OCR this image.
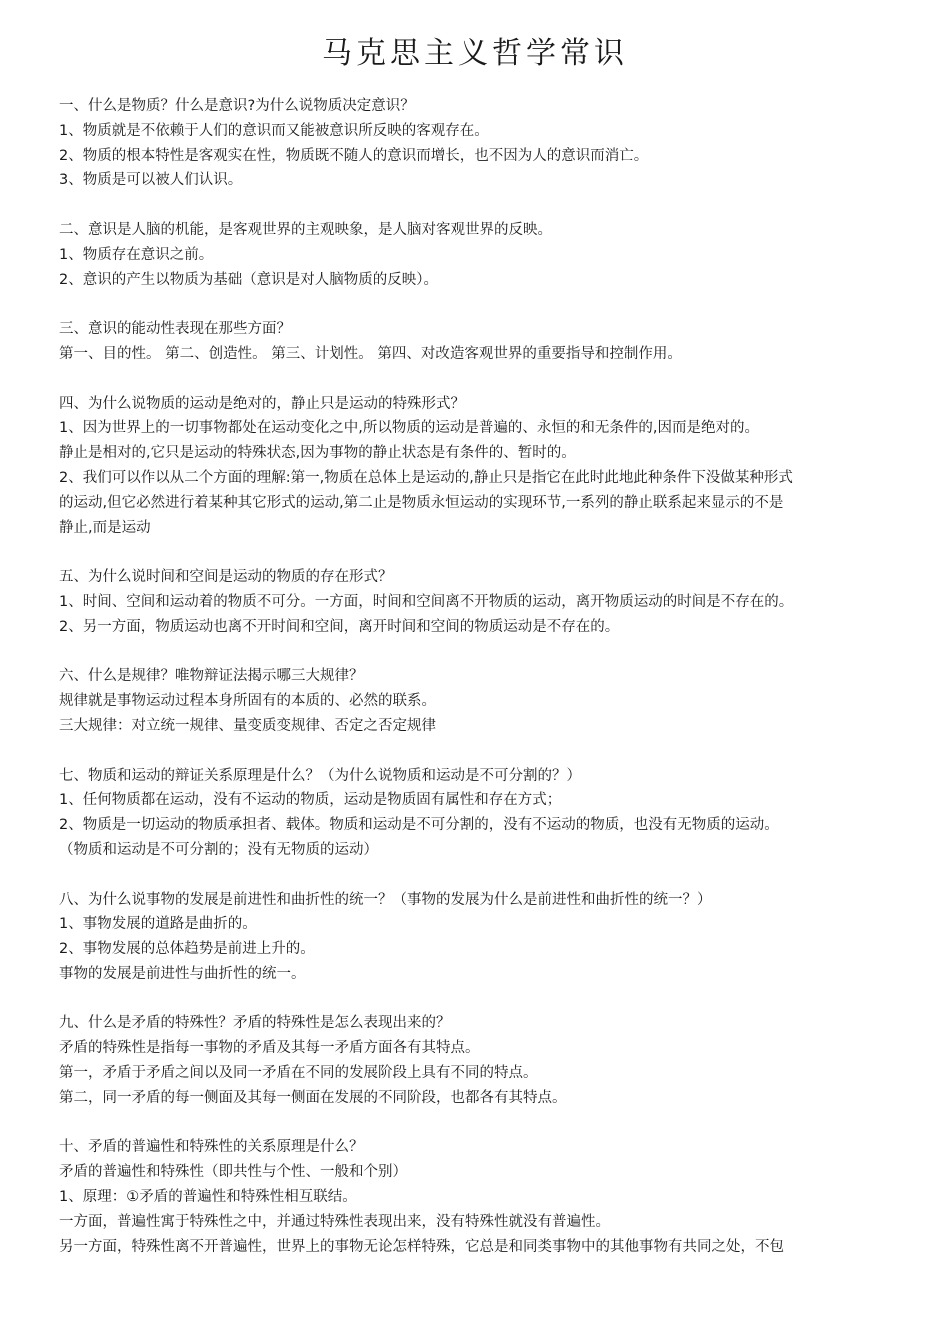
马克思主义哲学常识

一、什么是物质？什么是意识?为什么说物质决定意识？

1、物质就是不依赖于人们的意识而又能被意识所反映的客观存在。

2、物质的根本特性是客观实在性，物质既不随人的意识而增长，也不因为人的意识而消亡。

3、物质是可以被人们认识。

二、意识是人脑的机能，是客观世界的主观映象，是人脑对客观世界的反映。

1、物质存在意识之前。

2、意识的产生以物质为基础（意识是对人脑物质的反映）。

三、意识的能动性表现在那些方面？

第一、目的性。 第二、创造性。 第三、计划性。 第四、对改造客观世界的重要指导和控制作用。

四、为什么说物质的运动是绝对的，静止只是运动的特殊形式？

1、因为世界上的一切事物都处在运动变化之中,所以物质的运动是普遍的、永恒的和无条件的,因而是绝对的。

静止是相对的,它只是运动的特殊状态,因为事物的静止状态是有条件的、暂时的。

2、我们可以作以从二个方面的理解:第一,物质在总体上是运动的,静止只是指它在此时此地此种条件下没做某种形式

的运动,但它必然进行着某种其它形式的运动,第二止是物质永恒运动的实现环节,一系列的静止联系起来显示的不是

静止,而是运动

五、为什么说时间和空间是运动的物质的存在形式？

1、时间、空间和运动着的物质不可分。一方面，时间和空间离不开物质的运动，离开物质运动的时间是不存在的。

2、另一方面，物质运动也离不开时间和空间，离开时间和空间的物质运动是不存在的。

六、什么是规律？唯物辩证法揭示哪三大规律？

规律就是事物运动过程本身所固有的本质的、必然的联系。

三大规律：对立统一规律、量变质变规律、否定之否定规律

七、物质和运动的辩证关系原理是什么？（为什么说物质和运动是不可分割的？）

1、任何物质都在运动，没有不运动的物质，运动是物质固有属性和存在方式；

2、物质是一切运动的物质承担者、载体。物质和运动是不可分割的，没有不运动的物质，也没有无物质的运动。

（物质和运动是不可分割的；没有无物质的运动）

八、为什么说事物的发展是前进性和曲折性的统一？（事物的发展为什么是前进性和曲折性的统一？）

1、事物发展的道路是曲折的。

2、事物发展的总体趋势是前进上升的。

事物的发展是前进性与曲折性的统一。

九、什么是矛盾的特殊性？矛盾的特殊性是怎么表现出来的？

矛盾的特殊性是指每一事物的矛盾及其每一矛盾方面各有其特点。

第一，矛盾于矛盾之间以及同一矛盾在不同的发展阶段上具有不同的特点。

第二，同一矛盾的每一侧面及其每一侧面在发展的不同阶段，也都各有其特点。

十、矛盾的普遍性和特殊性的关系原理是什么？

矛盾的普遍性和特殊性（即共性与个性、一般和个别）

1、原理：①矛盾的普遍性和特殊性相互联结。

一方面，普遍性寓于特殊性之中，并通过特殊性表现出来，没有特殊性就没有普遍性。

另一方面，特殊性离不开普遍性，世界上的事物无论怎样特殊，它总是和同类事物中的其他事物有共同之处，不包
